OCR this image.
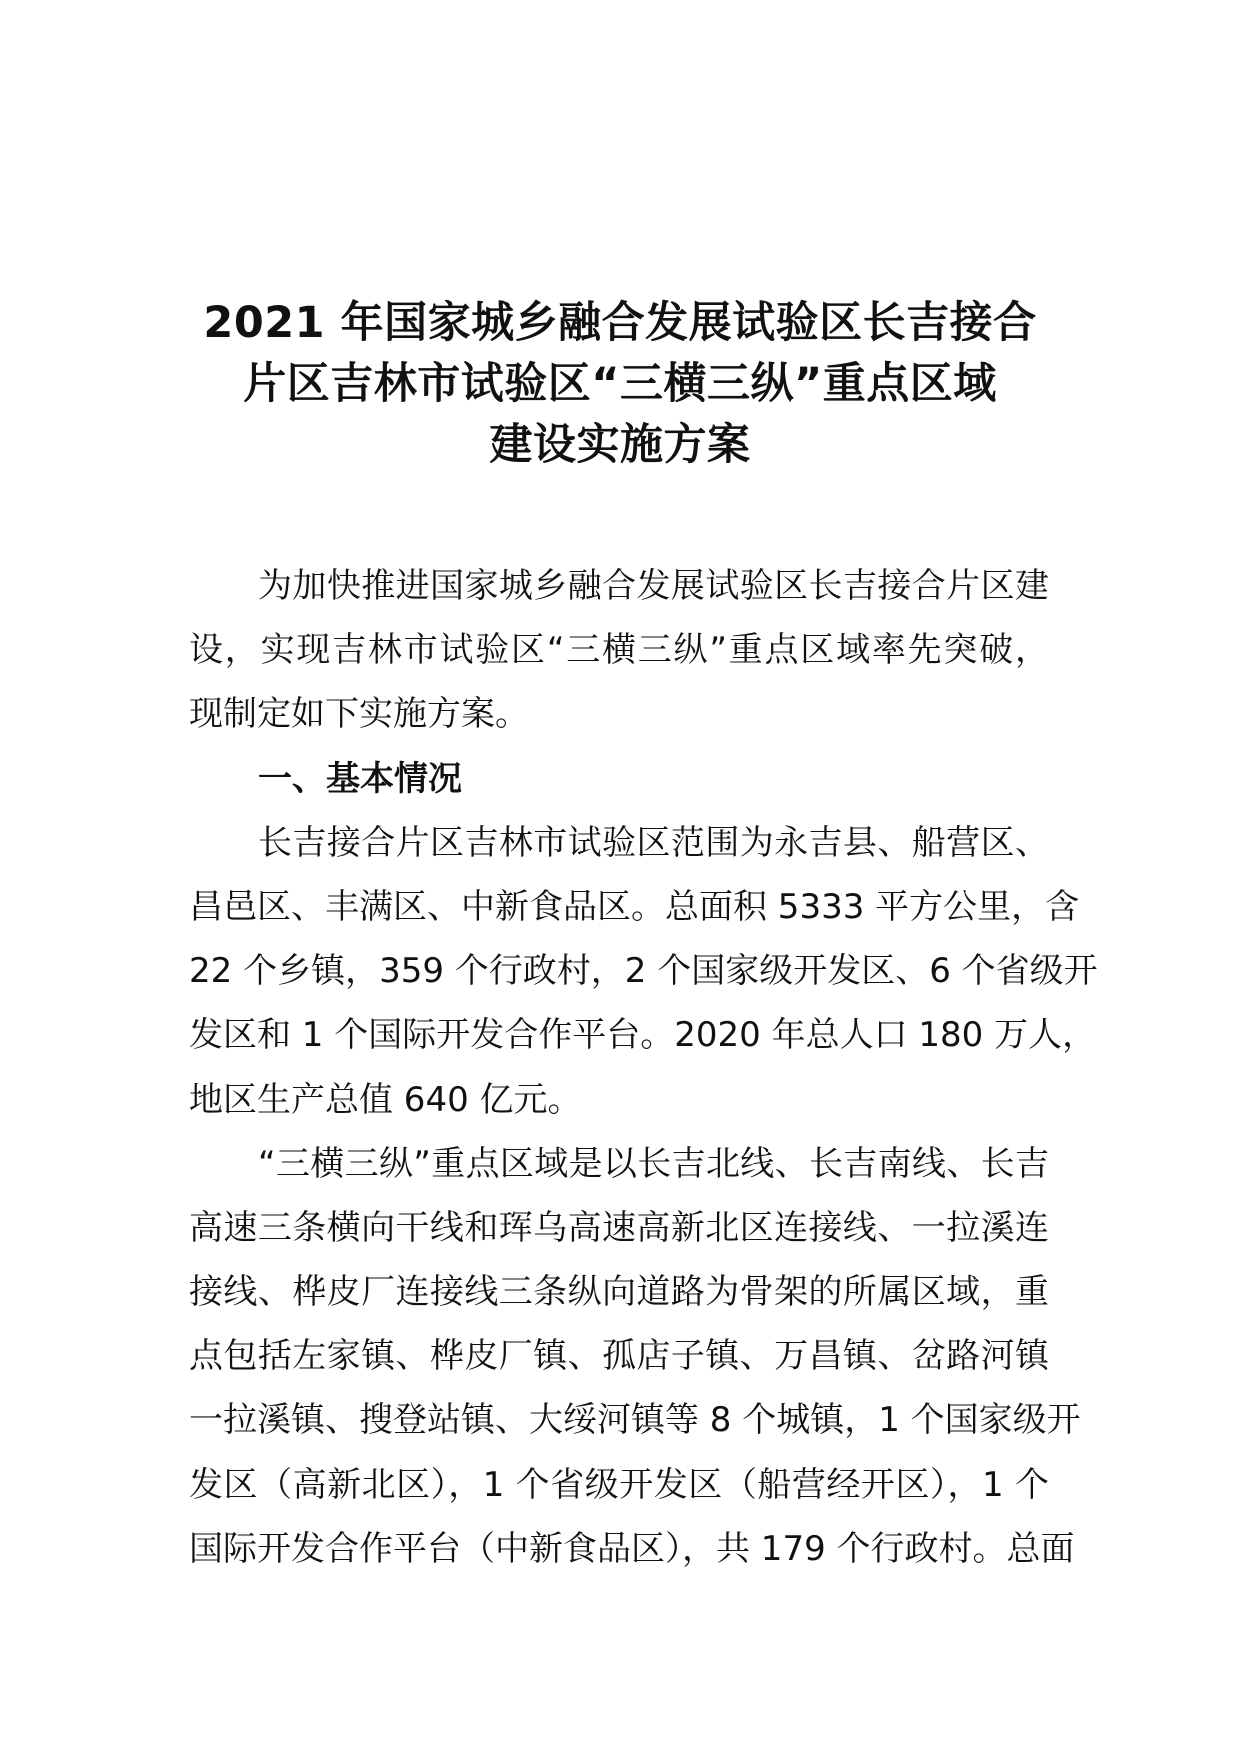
2021 年国家城乡融合发展试验区长吉接合
片区吉林市试验区“三横三纵”重点区域
建设实施方案
为加快推进国家城乡融合发展试验区长吉接合片区建
设，实现吉林市试验区“三横三纵”重点区域率先突破，
现制定如下实施方案。
一、基本情况
长吉接合片区吉林市试验区范围为永吉县、船营区、
昌邑区、丰满区、中新食品区。总面积 5333 平方公里，含
22 个乡镇，359 个行政村，2 个国家级开发区、6 个省级开
发区和 1 个国际开发合作平台。2020 年总人口 180 万人，
地区生产总值 640 亿元。
“三横三纵”重点区域是以长吉北线、长吉南线、长吉
高速三条横向干线和珲乌高速高新北区连接线、一拉溪连
接线、桦皮厂连接线三条纵向道路为骨架的所属区域，重
点包括左家镇、桦皮厂镇、孤店子镇、万昌镇、岔路河镇
一拉溪镇、搜登站镇、大绥河镇等 8 个城镇，1 个国家级开
发区（高新北区），1 个省级开发区（船营经开区），1 个
国际开发合作平台（中新食品区），共 179 个行政村。总面
